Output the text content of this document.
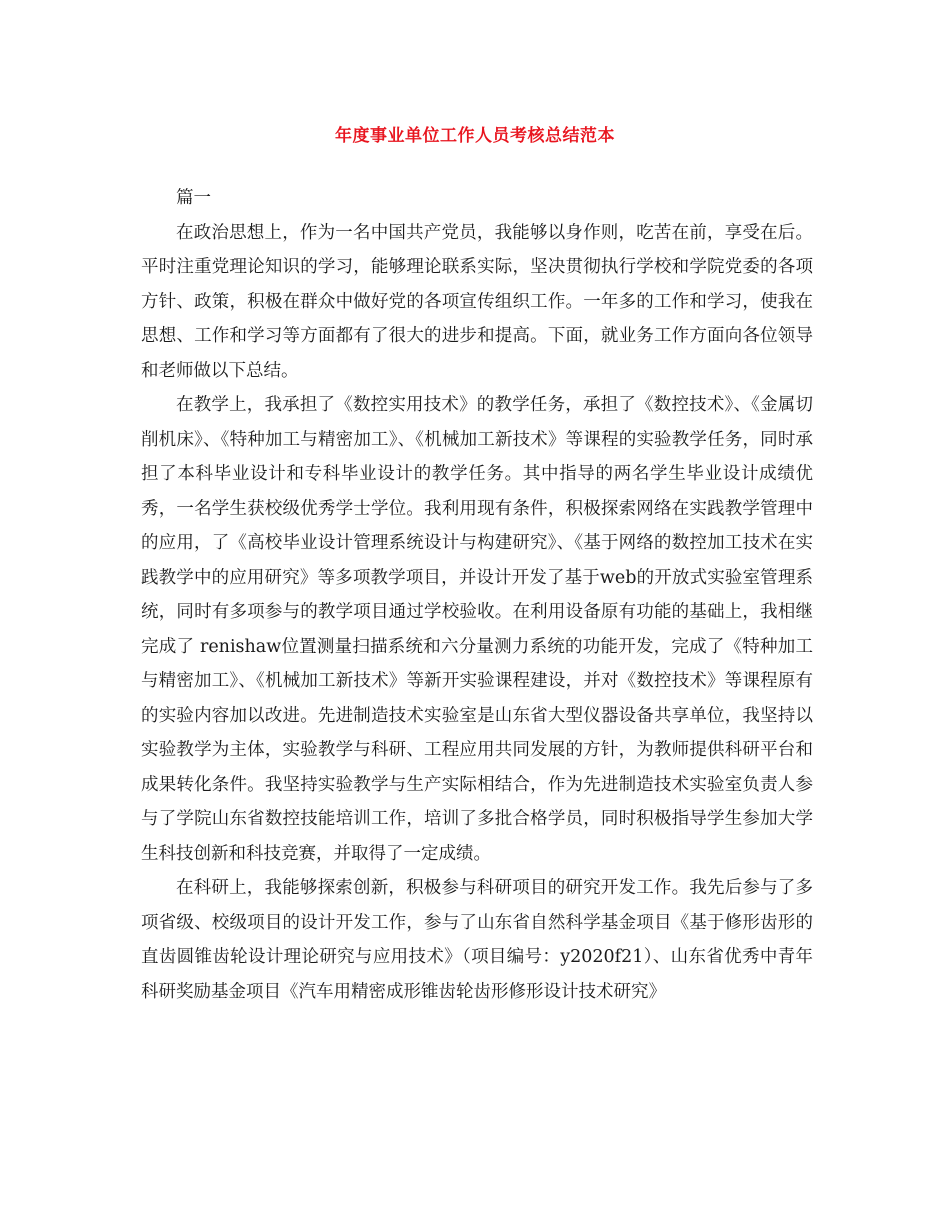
年度事业单位工作人员考核总结范本

篇一

在政治思想上，作为一名中国共产党员，我能够以身作则，吃苦在前，享受在后。平时注重党理论知识的学习，能够理论联系实际，坚决贯彻执行学校和学院党委的各项方针、政策，积极在群众中做好党的各项宣传组织工作。一年多的工作和学习，使我在思想、工作和学习等方面都有了很大的进步和提高。下面，就业务工作方面向各位领导和老师做以下总结。

在教学上，我承担了《数控实用技术》的教学任务，承担了《数控技术》、《金属切削机床》、《特种加工与精密加工》、《机械加工新技术》等课程的实验教学任务，同时承担了本科毕业设计和专科毕业设计的教学任务。其中指导的两名学生毕业设计成绩优秀，一名学生获校级优秀学士学位。我利用现有条件，积极探索网络在实践教学管理中的应用，了《高校毕业设计管理系统设计与构建研究》、《基于网络的数控加工技术在实践教学中的应用研究》等多项教学项目，并设计开发了基于web的开放式实验室管理系统，同时有多项参与的教学项目通过学校验收。在利用设备原有功能的基础上，我相继完成了 renishaw位置测量扫描系统和六分量测力系统的功能开发，完成了《特种加工与精密加工》、《机械加工新技术》等新开实验课程建设，并对《数控技术》等课程原有的实验内容加以改进。先进制造技术实验室是山东省大型仪器设备共享单位，我坚持以实验教学为主体，实验教学与科研、工程应用共同发展的方针，为教师提供科研平台和成果转化条件。我坚持实验教学与生产实际相结合，作为先进制造技术实验室负责人参与了学院山东省数控技能培训工作，培训了多批合格学员，同时积极指导学生参加大学生科技创新和科技竞赛，并取得了一定成绩。

在科研上，我能够探索创新，积极参与科研项目的研究开发工作。我先后参与了多项省级、校级项目的设计开发工作，参与了山东省自然科学基金项目《基于修形齿形的直齿圆锥齿轮设计理论研究与应用技术》（项目编号：y2020f21）、山东省优秀中青年科研奖励基金项目《汽车用精密成形锥齿轮齿形修形设计技术研究》
